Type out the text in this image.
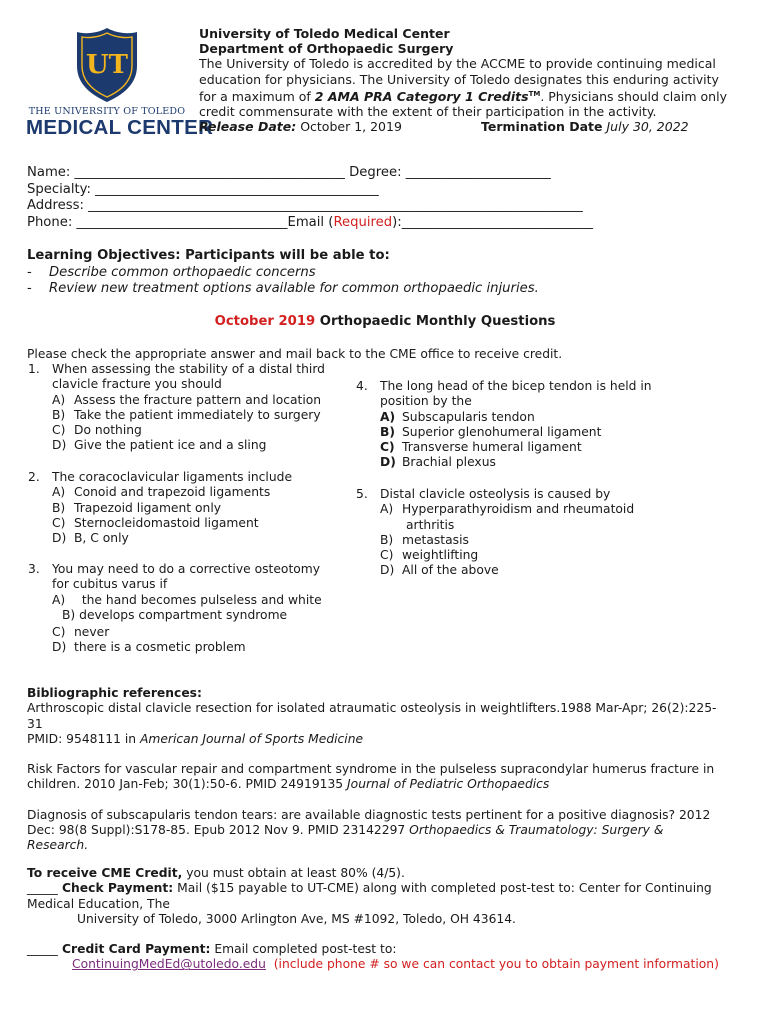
UT
THE UNIVERSITY OF TOLEDO
MEDICAL CENTER
University of Toledo Medical Center
Department of Orthopaedic Surgery
The University of Toledo is accredited by the ACCME to provide continuing medical
education for physicians. The University of Toledo designates this enduring activity
for a maximum of 2 AMA PRA Category 1 Credits™. Physicians should claim only
credit commensurate with the extent of their participation in the activity.
Release Date: October 1, 2019	Termination Date July 30, 2022
Name: _________________________________________ Degree: ______________________
Specialty: ___________________________________________
Address: ___________________________________________________________________________
Phone: ________________________________Email (Required):_____________________________
Learning Objectives: Participants will be able to:
- Describe common orthopaedic concerns
- Review new treatment options available for common orthopaedic injuries.
October 2019 Orthopaedic Monthly Questions
Please check the appropriate answer and mail back to the CME office to receive credit.
1. When assessing the stability of a distal third
clavicle fracture you should
A) Assess the fracture pattern and location
B) Take the patient immediately to surgery
C) Do nothing
D) Give the patient ice and a sling
2. The coracoclavicular ligaments include
A) Conoid and trapezoid ligaments
B) Trapezoid ligament only
C) Sternocleidomastoid ligament
D) B, C only
3. You may need to do a corrective osteotomy
for cubitus varus if
A)  the hand becomes pulseless and white
B) develops compartment syndrome
C) never
D) there is a cosmetic problem
4. The long head of the bicep tendon is held in
position by the
A) Subscapularis tendon
B) Superior glenohumeral ligament
C) Transverse humeral ligament
D) Brachial plexus
5. Distal clavicle osteolysis is caused by
A) Hyperparathyroidism and rheumatoid
arthritis
B) metastasis
C) weightlifting
D) All of the above
Bibliographic references:

Arthroscopic distal clavicle resection for isolated atraumatic osteolysis in weightlifters.1988 Mar-Apr; 26(2):225-
31
PMID: 9548111 in American Journal of Sports Medicine

Risk Factors for vascular repair and compartment syndrome in the pulseless supracondylar humerus fracture in
children. 2010 Jan-Feb; 30(1):50-6. PMID 24919135 Journal of Pediatric Orthopaedics

Diagnosis of subscapularis tendon tears: are available diagnostic tests pertinent for a positive diagnosis? 2012
Dec: 98(8 Suppl):S178-85. Epub 2012 Nov 9. PMID 23142297 Orthopaedics & Traumatology: Surgery &
Research.

To receive CME Credit, you must obtain at least 80% (4/5).
_____ Check Payment: Mail ($15 payable to UT-CME) along with completed post-test to: Center for Continuing
Medical Education, The
University of Toledo, 3000 Arlington Ave, MS #1092, Toledo, OH 43614.
_____ Credit Card Payment: Email completed post-test to:
ContinuingMedEd@utoledo.edu  (include phone # so we can contact you to obtain payment information)
